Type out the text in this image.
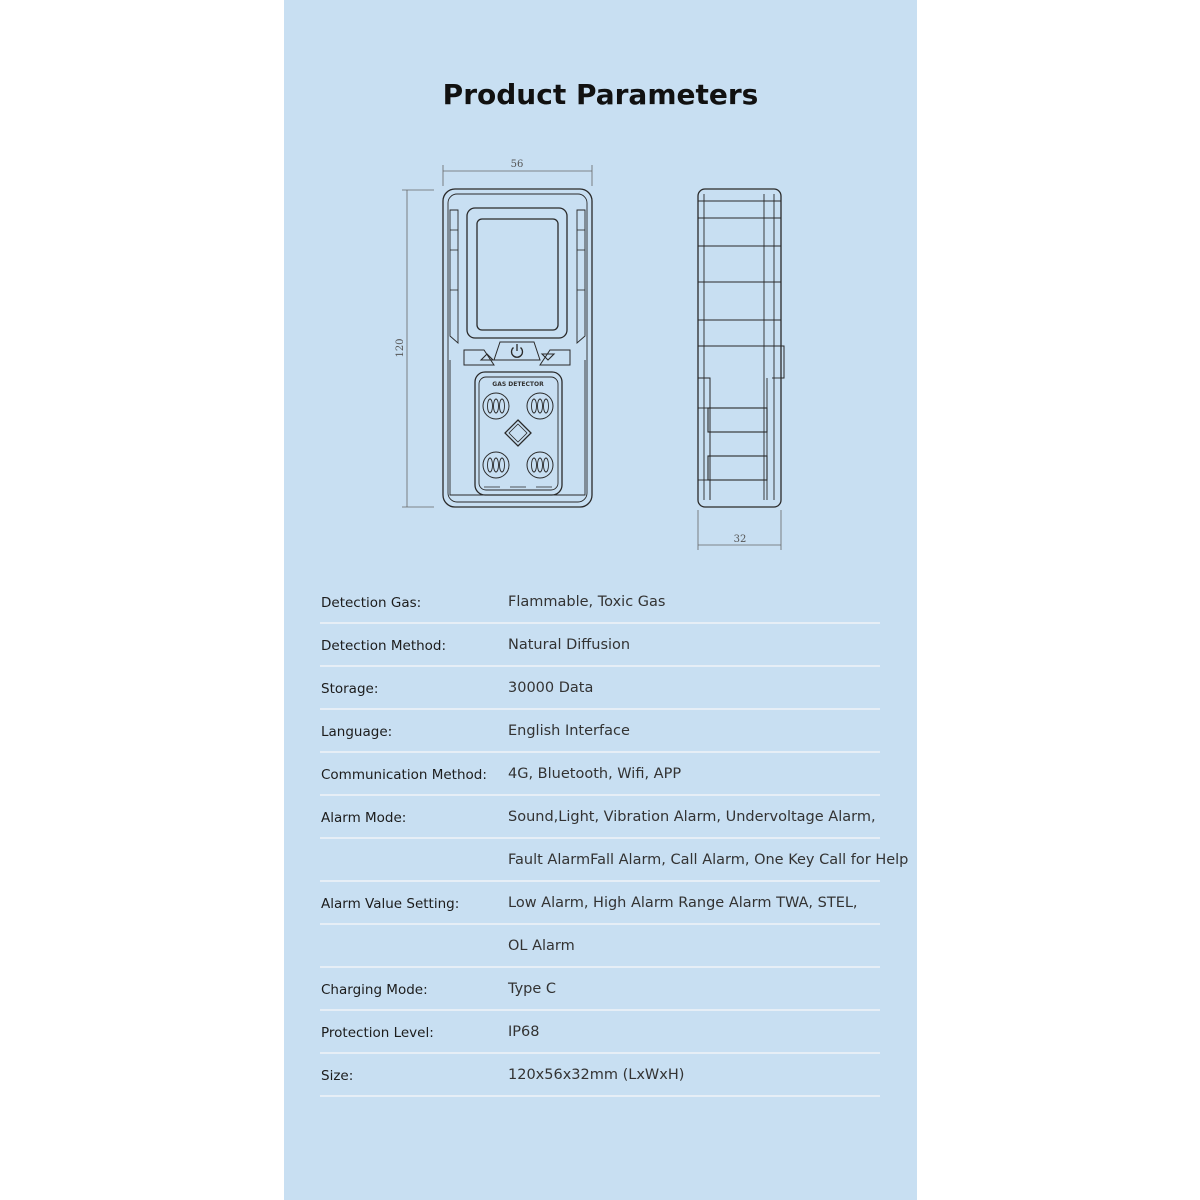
Product Parameters
56
120
GAS DETECTOR
32
Detection Gas:	Flammable, Toxic Gas
Detection Method:	Natural Diffusion
Storage:	30000 Data
Language:	English Interface
Communication Method: 4G, Bluetooth, Wifi, APP
Alarm Mode:	Sound,Light, Vibration Alarm, Undervoltage Alarm,
Fault AlarmFall Alarm, Call Alarm, One Key Call for Help
Alarm Value Setting:	Low Alarm, High Alarm Range Alarm TWA, STEL,
OL Alarm
Charging Mode:	Type C
Protection Level:	IP68
Size:	120x56x32mm (LxWxH)
